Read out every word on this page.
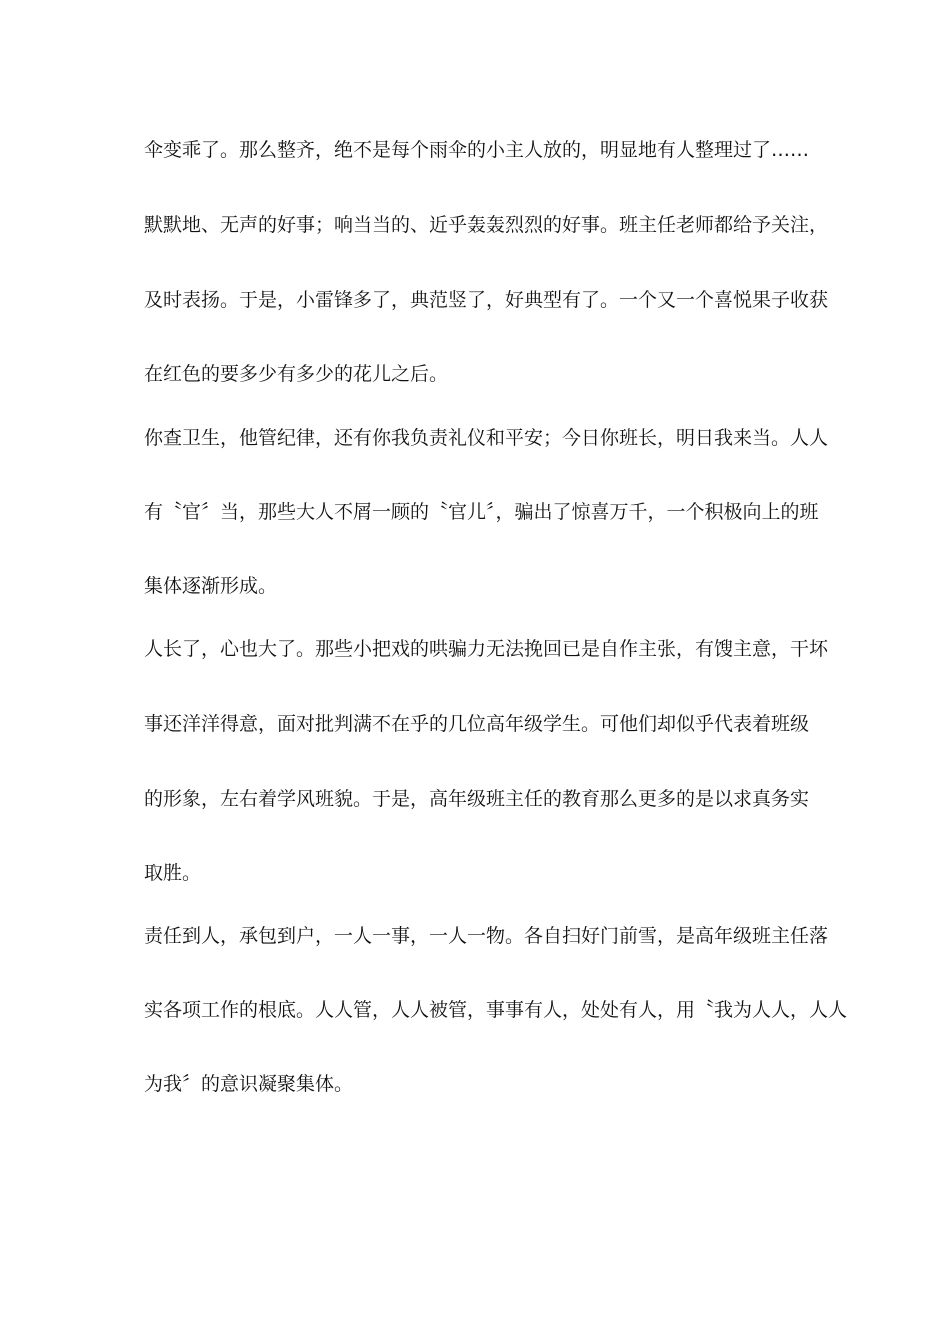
伞变乖了。那么整齐，绝不是每个雨伞的小主人放的，明显地有人整理过了……
默默地、无声的好事；响当当的、近乎轰轰烈烈的好事。班主任老师都给予关注，
及时表扬。于是，小雷锋多了，典范竖了，好典型有了。一个又一个喜悦果子收获
在红色的要多少有多少的花儿之后。
你查卫生，他管纪律，还有你我负责礼仪和平安；今日你班长，明日我来当。人人
有〝官〞当，那些大人不屑一顾的〝官儿〞，骗出了惊喜万千，一个积极向上的班
集体逐渐形成。
人长了，心也大了。那些小把戏的哄骗力无法挽回已是自作主张，有馊主意，干坏
事还洋洋得意，面对批判满不在乎的几位高年级学生。可他们却似乎代表着班级
的形象，左右着学风班貌。于是，高年级班主任的教育那么更多的是以求真务实
取胜。
责任到人，承包到户，一人一事，一人一物。各自扫好门前雪，是高年级班主任落
实各项工作的根底。人人管，人人被管，事事有人，处处有人，用〝我为人人，人人
为我〞的意识凝聚集体。
